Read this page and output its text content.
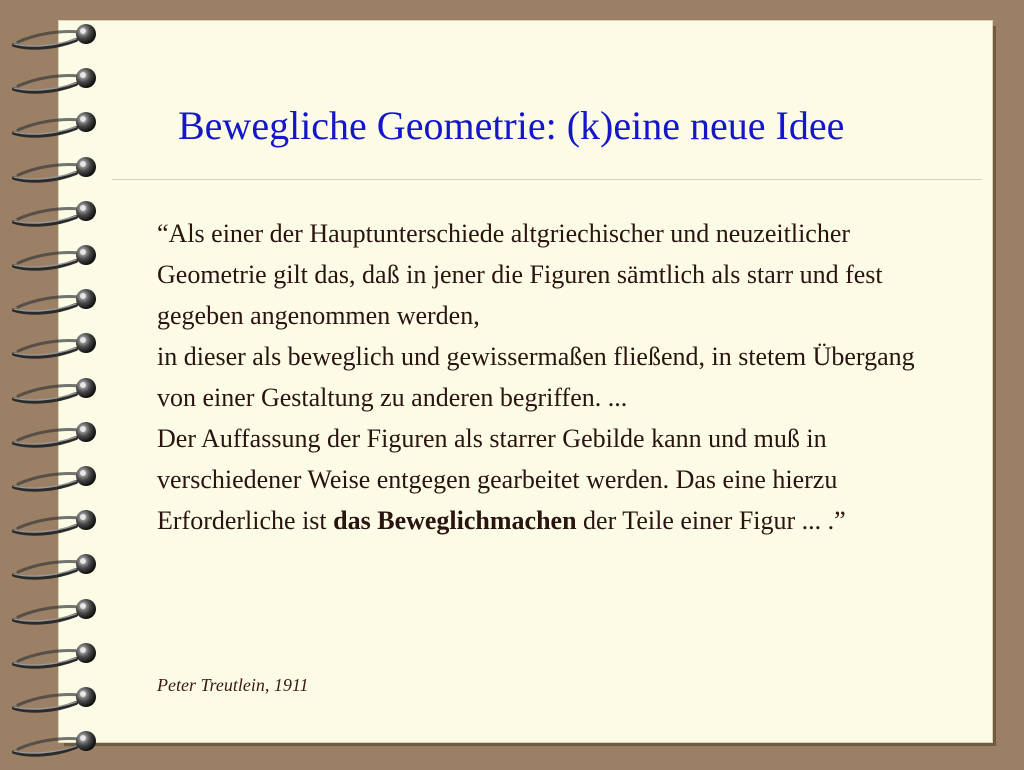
Bewegliche Geometrie: (k)eine neue Idee

“Als einer der Hauptunterschiede altgriechischer und neuzeitlicher Geometrie gilt das, daß in jener die Figuren sämtlich als starr und fest gegeben angenommen werden,

in dieser als beweglich und gewissermaßen fließend, in stetem Übergang von einer Gestaltung zu anderen begriffen. ...

Der Auffassung der Figuren als starrer Gebilde kann und muß in verschiedener Weise entgegen gearbeitet werden. Das eine hierzu Erforderliche ist das Beweglichmachen der Teile einer Figur ... .”

Peter Treutlein, 1911
